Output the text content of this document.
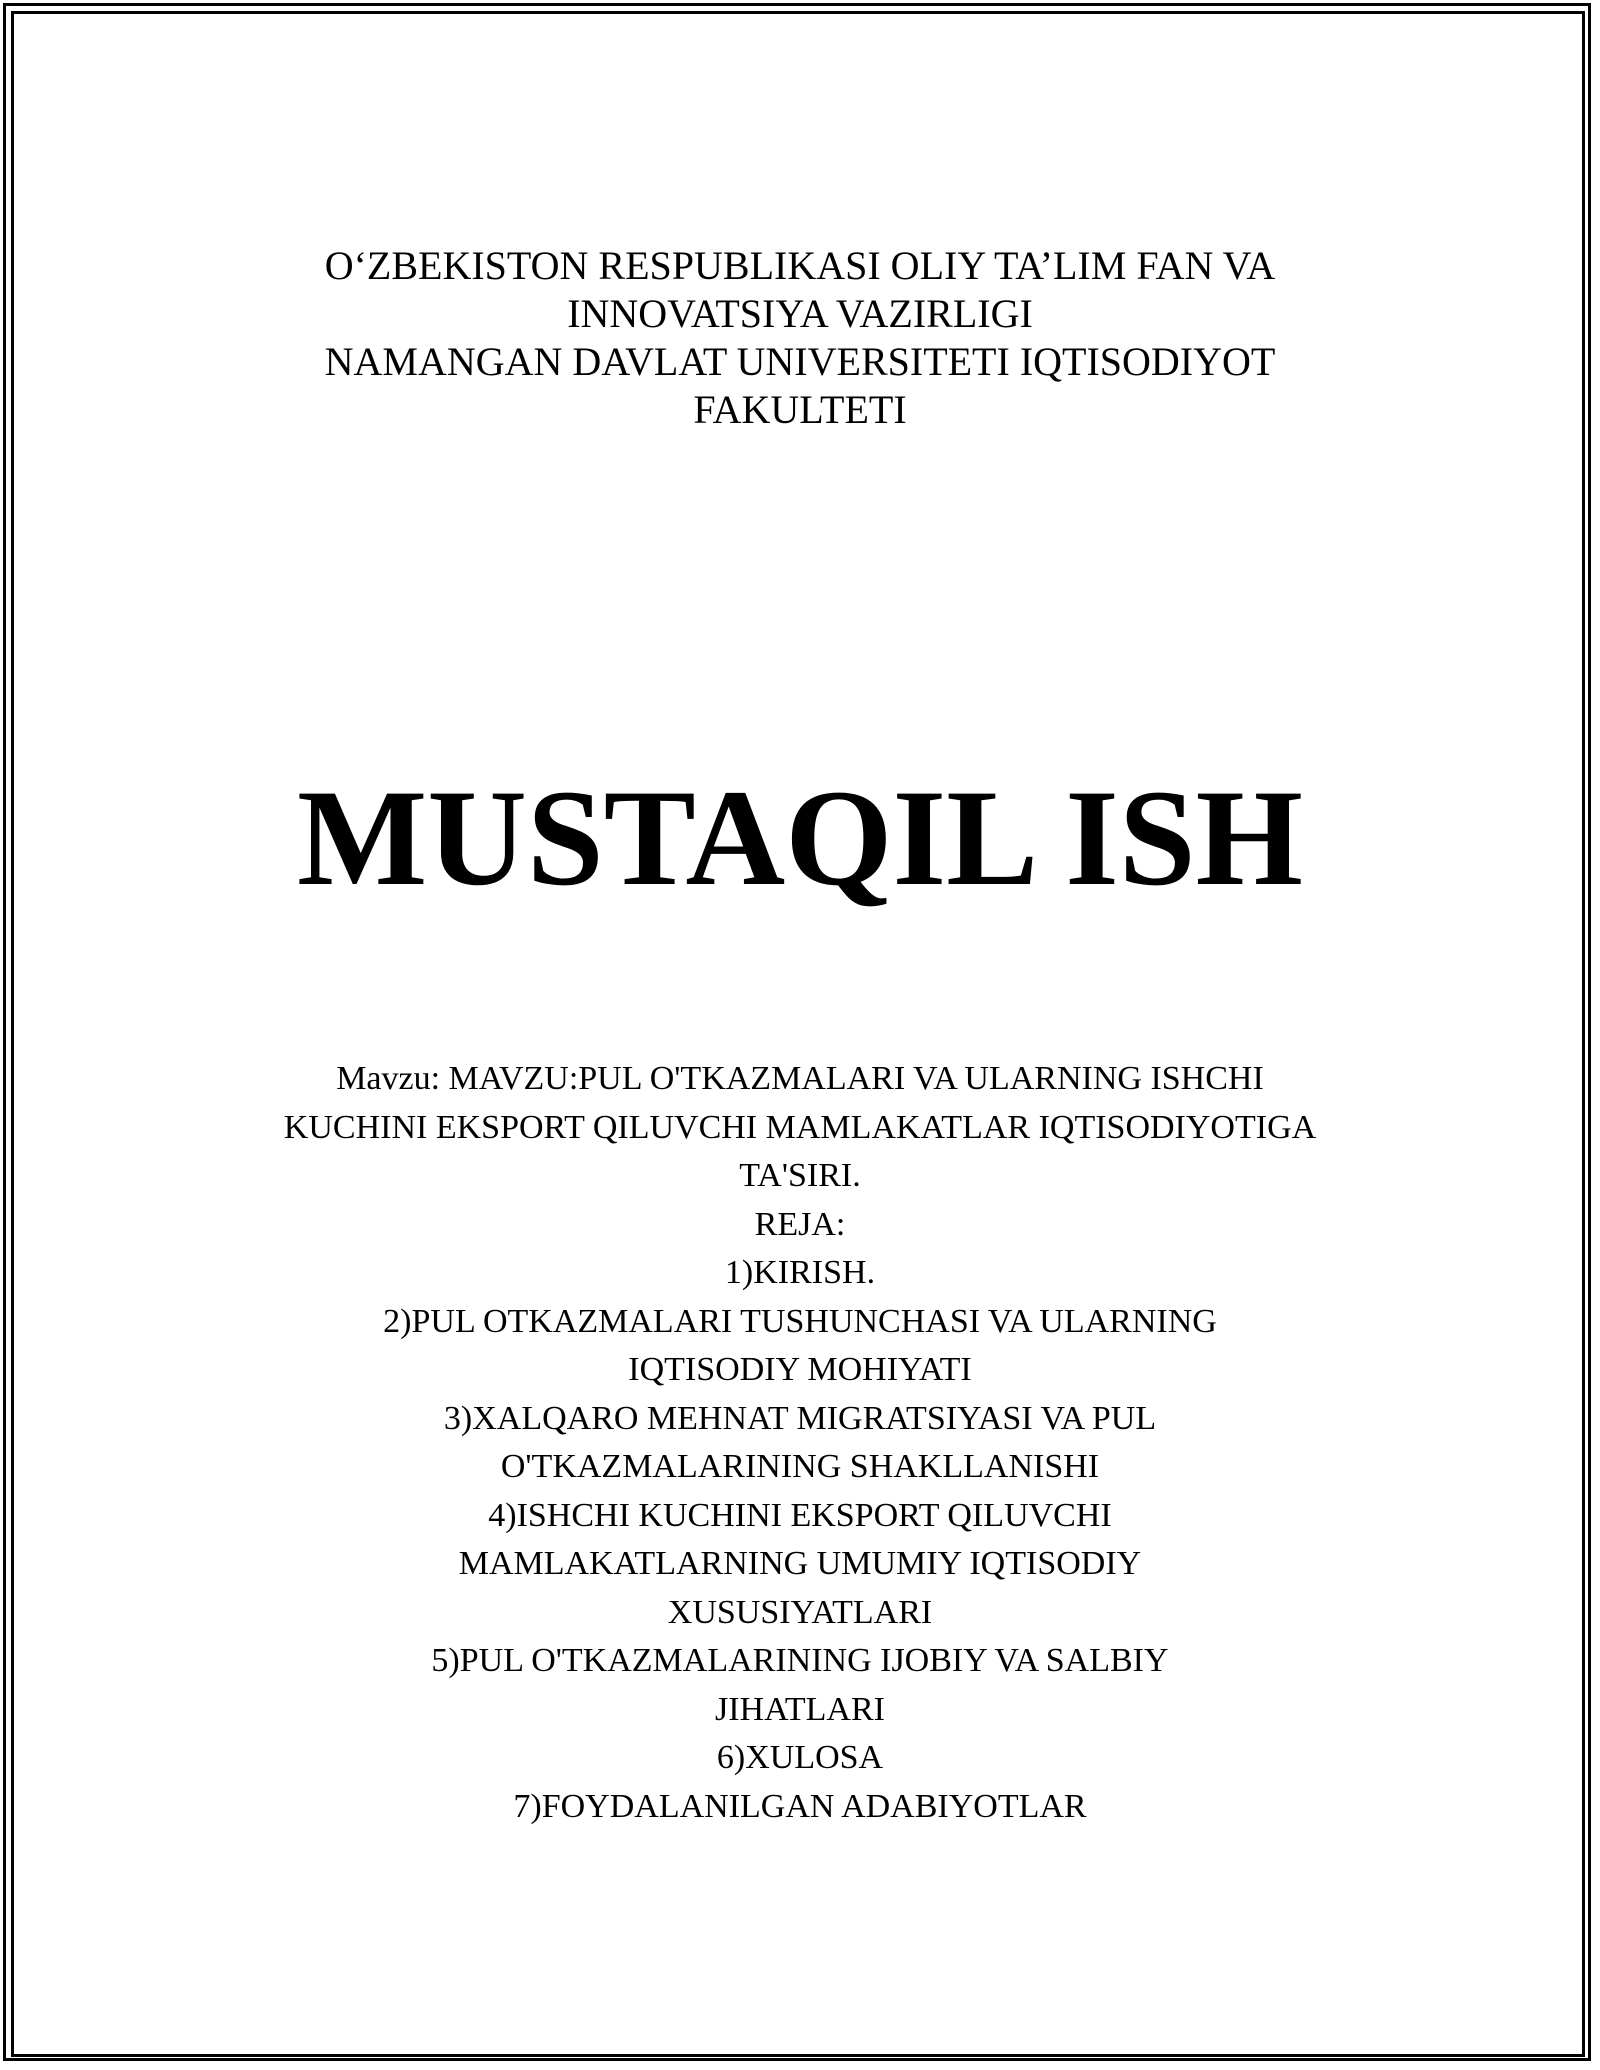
O‘ZBEKISTON RESPUBLIKASI OLIY TA’LIM FAN VA
INNOVATSIYA VAZIRLIGI
NAMANGAN DAVLAT UNIVERSITETI IQTISODIYOT
FAKULTETI
MUSTAQIL ISH
Mavzu: MAVZU:PUL O'TKAZMALARI VA ULARNING ISHCHI
KUCHINI EKSPORT QILUVCHI MAMLAKATLAR IQTISODIYOTIGA
TA'SIRI.
REJA:
1)KIRISH.
2)PUL OTKAZMALARI TUSHUNCHASI VA ULARNING
IQTISODIY MOHIYATI
3)XALQARO MEHNAT MIGRATSIYASI VA PUL
O'TKAZMALARINING SHAKLLANISHI
4)ISHCHI KUCHINI EKSPORT QILUVCHI
MAMLAKATLARNING UMUMIY IQTISODIY
XUSUSIYATLARI
5)PUL O'TKAZMALARINING IJOBIY VA SALBIY
JIHATLARI
6)XULOSA
7)FOYDALANILGAN ADABIYOTLAR
